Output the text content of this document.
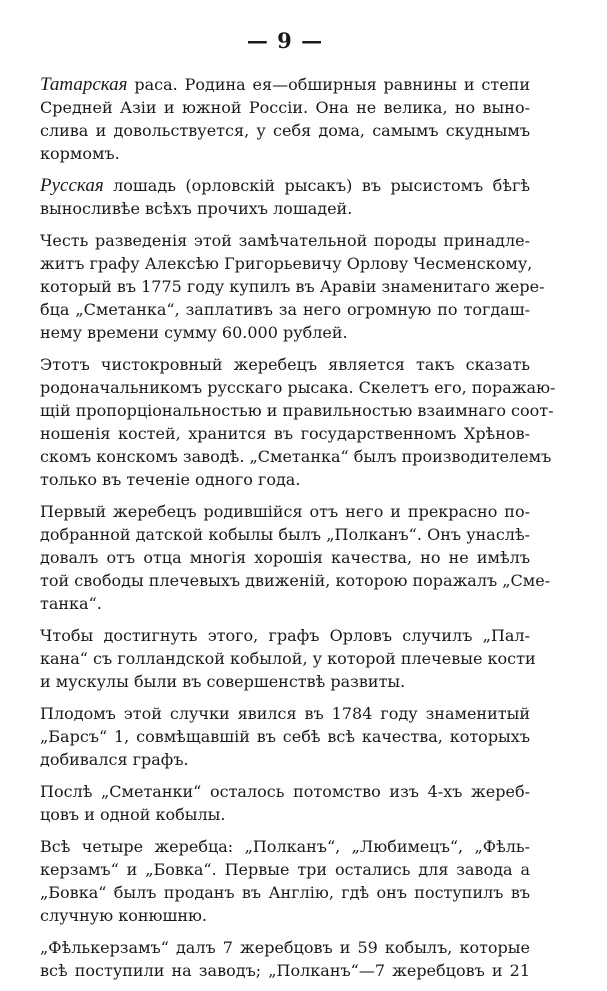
— 9 —
Татарская раса. Родина ея—обширныя равнины и степи
Средней Азіи и южной Россіи. Она не велика, но выно-
слива и довольствуется, у себя дома, самымъ скуднымъ
кормомъ.
Русская лошадь (орловскій рысакъ) въ рысистомъ бѣгѣ
выносливѣе всѣхъ прочихъ лошадей.
Честь разведенія этой замѣчательной породы принадле-
житъ графу Алексѣю Григорьевичу Орлову Чесменскому,
который въ 1775 году купилъ въ Аравіи знаменитаго жере-
бца „Сметанка“, заплативъ за него огромную по тогдаш-
нему времени сумму 60.000 рублей.
Этотъ чистокровный жеребецъ является такъ сказать
родоначальникомъ русскаго рысака. Скелетъ его, поражаю-
щій пропорціональностью и правильностью взаимнаго соот-
ношенія костей, хранится въ государственномъ Хрѣнов-
скомъ конскомъ заводѣ. „Сметанка“ былъ производителемъ
только въ теченіе одного года.
Первый жеребецъ родившійся отъ него и прекрасно по-
добранной датской кобылы былъ „Полканъ“. Онъ унаслѣ-
довалъ отъ отца многія хорошія качества, но не имѣлъ
той свободы плечевыхъ движеній, которою поражалъ „Сме-
танка“.
Чтобы достигнуть этого, графъ Орловъ случилъ „Пал-
кана“ съ голландской кобылой, у которой плечевые кости
и мускулы были въ совершенствѣ развиты.
Плодомъ этой случки явился въ 1784 году знаменитый
„Барсъ“ 1, совмѣщавшій въ себѣ всѣ качества, которыхъ
добивался графъ.
Послѣ „Сметанки“ осталось потомство изъ 4-хъ жереб-
цовъ и одной кобылы.
Всѣ четыре жеребца: „Полканъ“, „Любимецъ“, „Фѣль-
керзамъ“ и „Бовка“. Первые три остались для завода а
„Бовка“ былъ проданъ въ Англію, гдѣ онъ поступилъ въ
случную конюшню.
„Фѣлькерзамъ“ далъ 7 жеребцовъ и 59 кобылъ, которые
всѣ поступили на заводъ; „Полканъ“—7 жеребцовъ и 21
